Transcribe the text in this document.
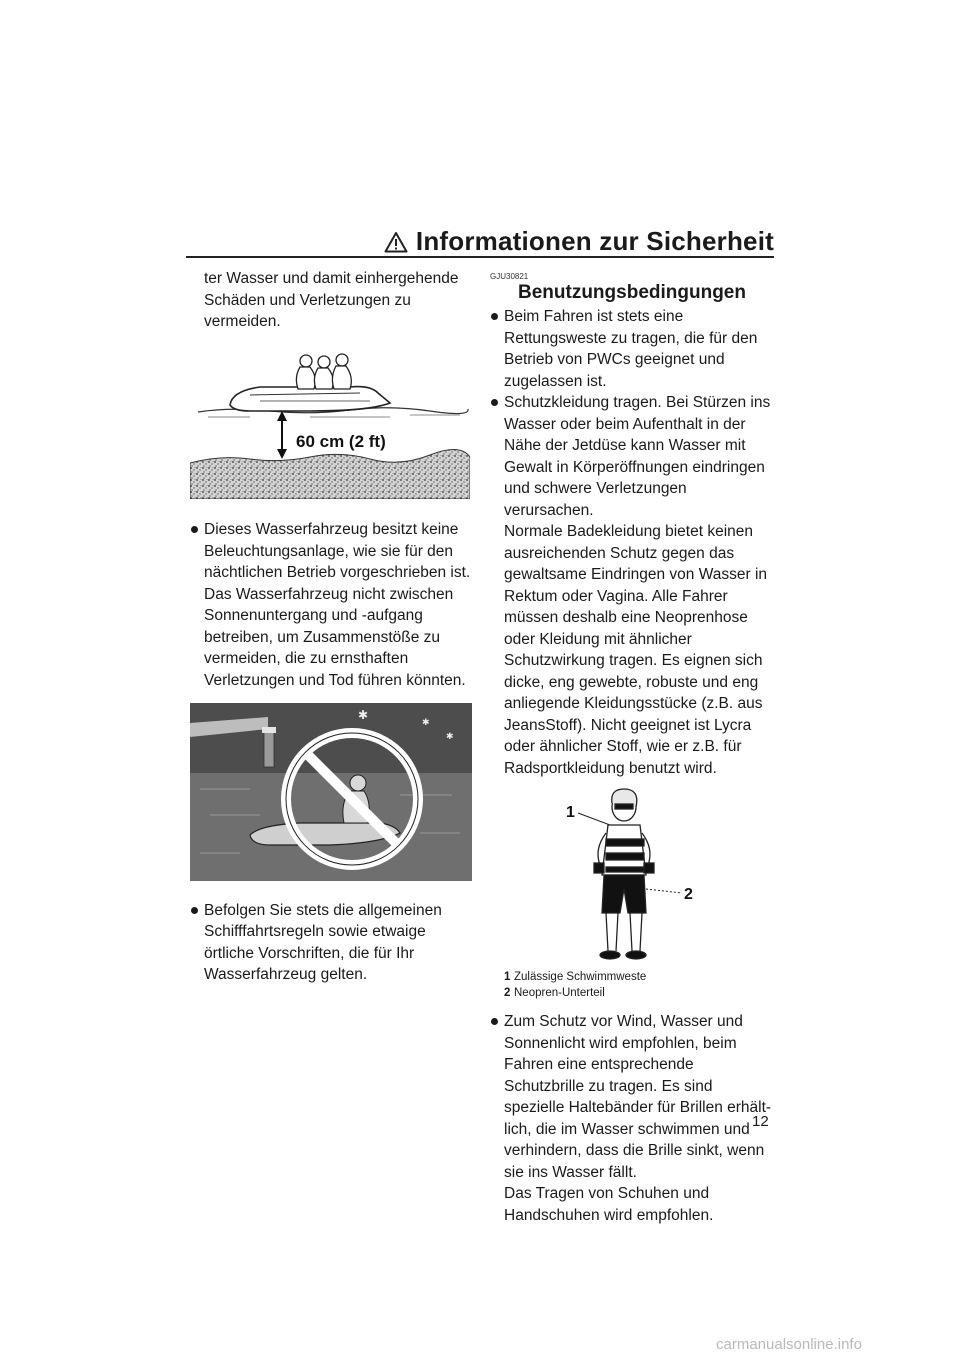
Informationen zur Sicherheit

ter Wasser und damit einhergehende Schäden und Verletzungen zu vermeiden.

60 cm (2 ft)

Dieses Wasserfahrzeug besitzt keine Beleuchtungsanlage, wie sie für den nächtlichen Betrieb vorgeschrieben ist. Das Wasserfahrzeug nicht zwischen Sonnenuntergang und -aufgang betreiben, um Zusammenstöße zu vermeiden, die zu ernsthaften Verletzungen und Tod führen könnten.

✱	✱
✱

Befolgen Sie stets die allgemeinen Schifffahrtsregeln sowie etwaige örtliche Vorschriften, die für Ihr Wasserfahrzeug gelten.

GJU30821
Benutzungsbedingungen

Beim Fahren ist stets eine Rettungsweste zu tragen, die für den Betrieb von PWCs geeignet und zugelassen ist.

Schutzkleidung tragen. Bei Stürzen ins Wasser oder beim Aufenthalt in der Nähe der Jetdüse kann Wasser mit Gewalt in Körperöffnungen eindringen und schwere Verletzungen verursachen.

Normale Badekleidung bietet keinen ausreichenden Schutz gegen das gewaltsame Eindringen von Wasser in Rektum oder Vagina. Alle Fahrer müssen deshalb eine Neoprenhose oder Kleidung mit ähnlicher Schutzwirkung tragen. Es eignen sich dicke, eng gewebte, robuste und eng anliegende Kleidungsstücke (z.B. aus JeansStoff). Nicht geeignet ist Lycra oder ähnlicher Stoff, wie er z.B. für Radsportkleidung benutzt wird.

1
2
1 Zulässige Schwimmweste
2 Neopren-Unterteil

Zum Schutz vor Wind, Wasser und Sonnenlicht wird empfohlen, beim Fahren eine entsprechende Schutzbrille zu tragen. Es sind spezielle Haltebänder für Brillen erhältlich, die im Wasser schwimmen und verhindern, dass die Brille sinkt, wenn sie ins Wasser fällt.

Das Tragen von Schuhen und Handschuhen wird empfohlen.

12
carmanualsonline.info
